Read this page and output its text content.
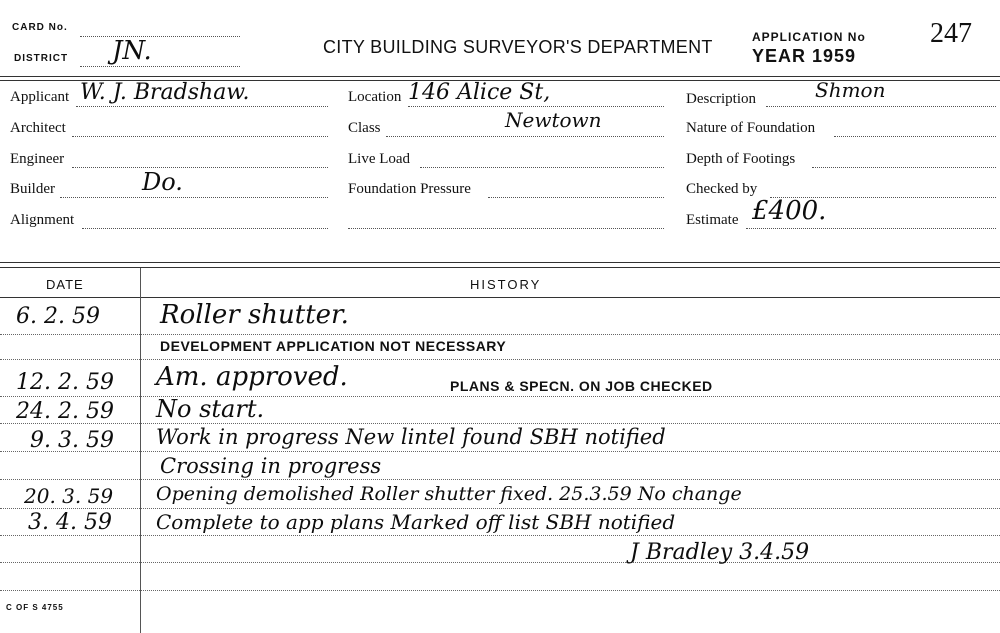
CARD No.
DISTRICT JN.	CITY BUILDING SURVEYOR'S DEPARTMENT	APPLICATION No 247
YEAR 1959
Applicant W. J. Bradshaw.
Architect
Engineer
Builder	Do.
Alignment
Location 146 Alice St,
Class	Newtown
Live Load
Foundation Pressure
Description	Shmon
Nature of Foundation
Depth of Footings
Checked by
Estimate £400.
DATE	HISTORY
6. 2. 59 Roller shutter.
DEVELOPMENT APPLICATION NOT NECESSARY
12. 2. 59 Am. approved.	PLANS & SPECN. ON JOB CHECKED
24. 2. 59 No start.
9. 3. 59 Work in progress New lintel found SBH notified
Crossing in progress
20. 3. 59 Opening demolished Roller shutter fixed. 25.3.59 No change
3. 4. 59 Complete to app plans Marked off list SBH notified
J Bradley 3.4.59
C OF S 4755
